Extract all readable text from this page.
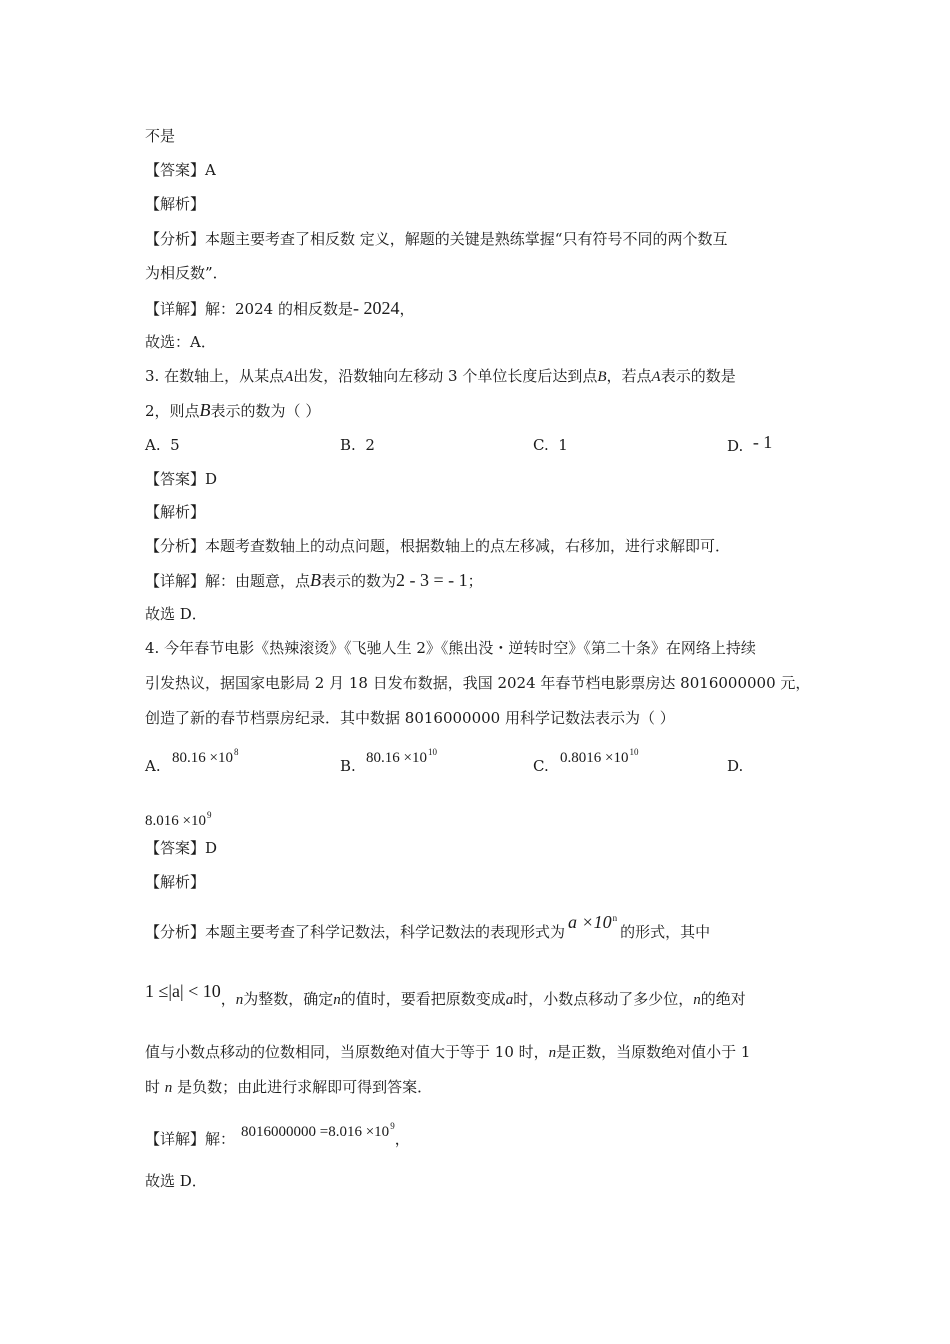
不是
【答案】A
【解析】
【分析】本题主要考查了相反数 定义，解题的关键是熟练掌握“只有符号不同的两个数互
为相反数”．
【详解】解：2024 的相反数是- 2024，
故选：A．
3. 在数轴上，从某点A出发，沿数轴向左移动 3 个单位长度后达到点B，若点A表示的数是
2，则点B表示的数为（ ）
A. 5	B. 2	C. 1	D. - 1
【答案】D
【解析】
【分析】本题考查数轴上的动点问题，根据数轴上的点左移减，右移加，进行求解即可．
【详解】解：由题意，点B表示的数为2 - 3 = - 1；
故选 D．
4. 今年春节电影《热辣滚烫》《飞驰人生 2》《熊出没・逆转时空》《第二十条》在网络上持续
引发热议，据国家电影局 2 月 18 日发布数据，我国 2024 年春节档电影票房达 8016000000 元，
创造了新的春节档票房纪录．其中数据 8016000000 用科学记数法表示为（ ）
A. $80.16 \times 10^8$
B. $80.16 \times 10^{10}$
C. $0.8016 \times 10^{10}$
D.
$8.016 \times 10^9$
【答案】D
【解析】
【分析】本题主要考查了科学记数法，科学记数法的表现形式为 $a \times 10^n$的形式，其中
1 ≤|a| < 10，n为整数，确定n的值时，要看把原数变成a时，小数点移动了多少位，n的绝对
值与小数点移动的位数相同，当原数绝对值大于等于 10 时，n是正数，当原数绝对值小于 1
时 n 是负数；由此进行求解即可得到答案．
【详解】解： $8016000000 =8.016 \times 10^9$，
故选 D．
